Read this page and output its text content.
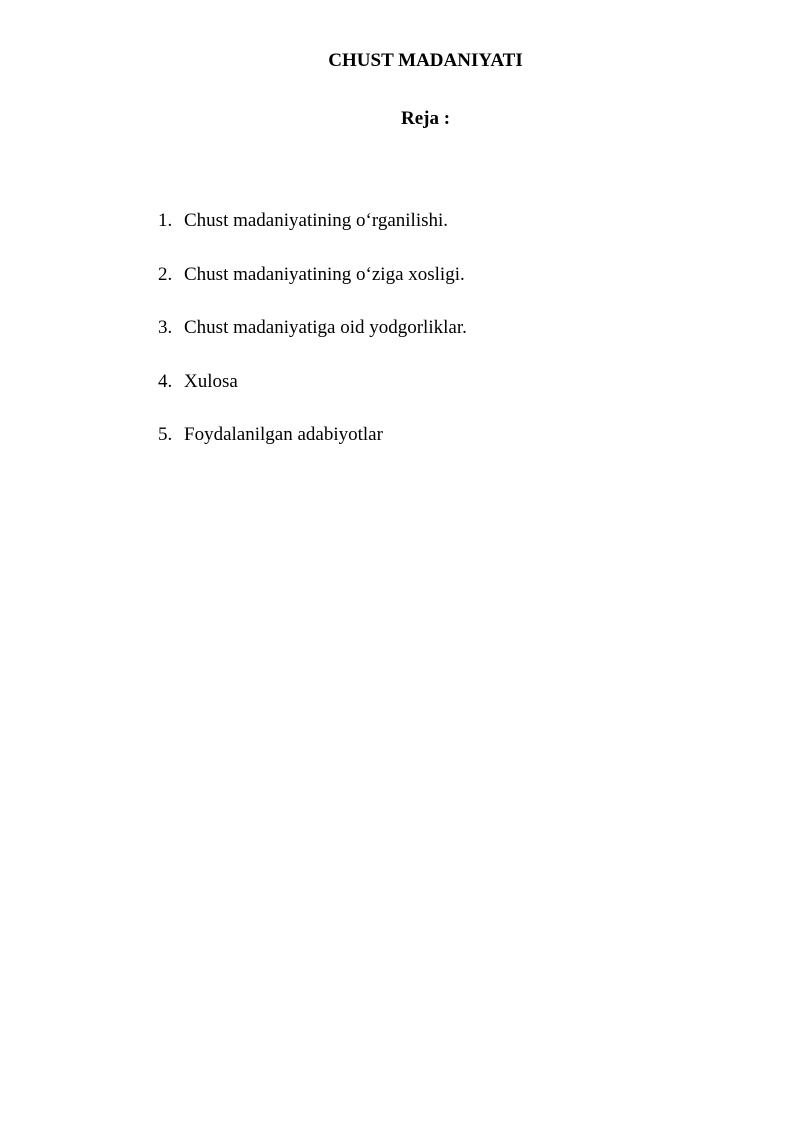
CHUST MADANIYATI
Reja :
1. Chust madaniyatining o‘rganilishi.
2. Chust madaniyatining o‘ziga xosligi.
3. Chust madaniyatiga oid yodgorliklar.
4. Xulosa
5. Foydalanilgan adabiyotlar
